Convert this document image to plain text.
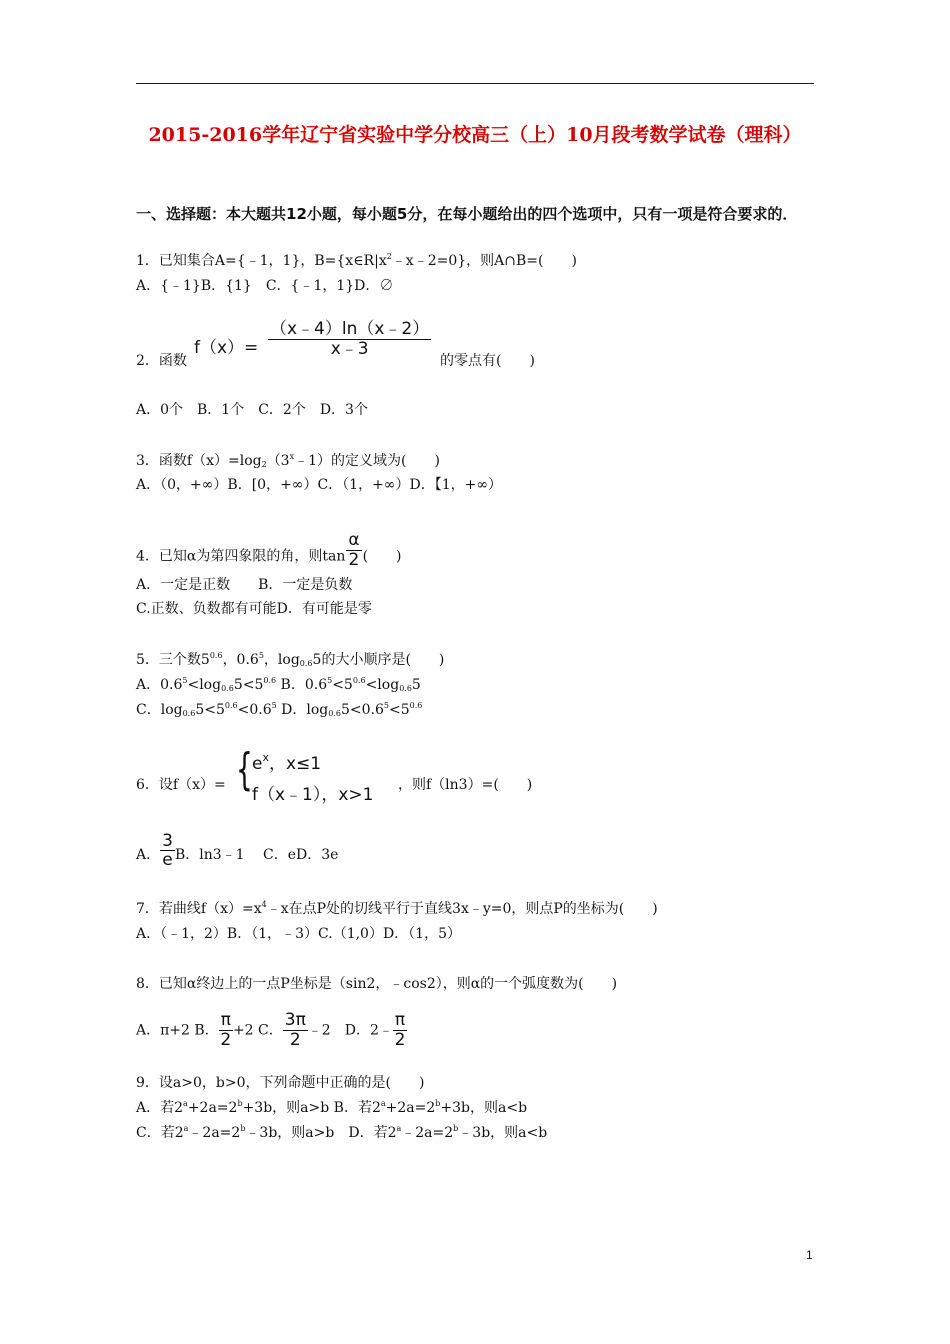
2015-2016学年辽宁省实验中学分校高三（上）10月段考数学试卷（理科）
一、选择题：本大题共12小题，每小题5分，在每小题给出的四个选项中，只有一项是符合要求的．
1．已知集合A={﹣1，1}，$B=\{x\in R|x^2﹣x﹣2=0\}$，则A∩B=(　　)
A．{﹣1}B．{1}　C．{﹣1，1}D．∅
2．函数
$f(x)= \frac{(x﹣4)\ln(x﹣2)}{x﹣3}$
的零点有(　　)
A．0个　B．1个　C．2个　D．3个
3．函数$f(x)=\log_2(3^x﹣1)$的定义域为(　　)
A．（0，+∞）B．[0，+∞）C．（1，+∞）D．【1，+∞）
4．已知α为第四象限的角，则$\tan \frac{\alpha}{2}$ (　　)
A．一定是正数　　B．一定是负数
C.正数、负数都有可能D．有可能是零
5．三个数$5^{0.6}$，$0.6^5$，$\log_{0.6}5$的大小顺序是(　　)
A．$0.6^5<\log_{0.6}5<5^{0.6}$ B．$0.6^5<5^{0.6}<\log_{0.6}5$
C．$\log_{0.6}5<5^{0.6}<0.6^5$ D．$\log_{0.6}5<0.6^5<5^{0.6}$
6．设f（x）= { $e^x$，x≤1
f（x﹣1），x>1 ，则f（ln3）=(　　)
A． $\frac{3}{e}$ B．ln3﹣1　 C．eD．3e
7．若曲线$f(x)=x^4﹣x$在点P处的切线平行于直线3x﹣y=0，则点P的坐标为(　　)
A．（﹣1，2）B．（1，﹣3）C.（1,0）D．（1，5）
8．已知α终边上的一点P坐标是（sin2，﹣cos2），则α的一个弧度数为(　　)
A．π+2 B． $\frac{\pi}{2} +2$ C． $\frac{3\pi}{2}$ ﹣2　D．2﹣ $\frac{\pi}{2}$
9．设a>0，b>0，下列命题中正确的是(　　)
A．若$2^a+2a=2^b+3b$，则a>b B．若$2^a+2a=2^b+3b$，则a<b
C．若$2^a﹣2a=2^b﹣3b$，则a>b　D．若$2^a﹣2a=2^b﹣3b$，则a<b
1
